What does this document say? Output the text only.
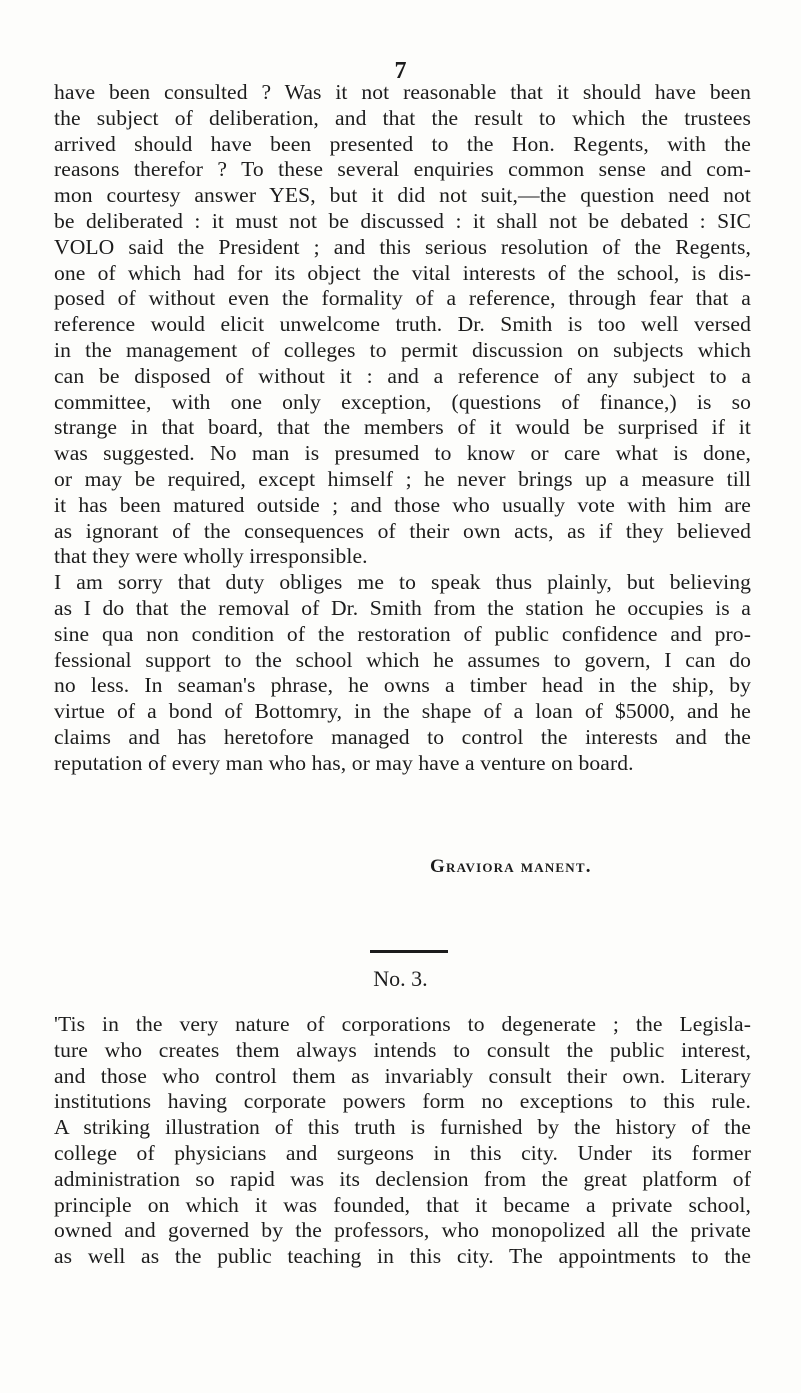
7
have been consulted ? Was it not reasonable that it should have been
the subject of deliberation, and that the result to which the trustees
arrived should have been presented to the Hon. Regents, with the
reasons therefor ? To these several enquiries common sense and com-
mon courtesy answer YES, but it did not suit,—the question need not
be deliberated : it must not be discussed : it shall not be debated : SIC
VOLO said the President ; and this serious resolution of the Regents,
one of which had for its object the vital interests of the school, is dis-
posed of without even the formality of a reference, through fear that a
reference would elicit unwelcome truth. Dr. Smith is too well versed
in the management of colleges to permit discussion on subjects which
can be disposed of without it : and a reference of any subject to a
committee, with one only exception, (questions of finance,) is so
strange in that board, that the members of it would be surprised if it
was suggested. No man is presumed to know or care what is done,
or may be required, except himself ; he never brings up a measure till
it has been matured outside ; and those who usually vote with him are
as ignorant of the consequences of their own acts, as if they believed
that they were wholly irresponsible.
I am sorry that duty obliges me to speak thus plainly, but believing
as I do that the removal of Dr. Smith from the station he occupies is a
sine qua non condition of the restoration of public confidence and pro-
fessional support to the school which he assumes to govern, I can do
no less. In seaman's phrase, he owns a timber head in the ship, by
virtue of a bond of Bottomry, in the shape of a loan of $5000, and he
claims and has heretofore managed to control the interests and the
reputation of every man who has, or may have a venture on board.
Graviora manent.
No. 3.
'Tis in the very nature of corporations to degenerate ; the Legisla-
ture who creates them always intends to consult the public interest,
and those who control them as invariably consult their own. Literary
institutions having corporate powers form no exceptions to this rule.
A striking illustration of this truth is furnished by the history of the
college of physicians and surgeons in this city. Under its former
administration so rapid was its declension from the great platform of
principle on which it was founded, that it became a private school,
owned and governed by the professors, who monopolized all the private
as well as the public teaching in this city. The appointments to the
